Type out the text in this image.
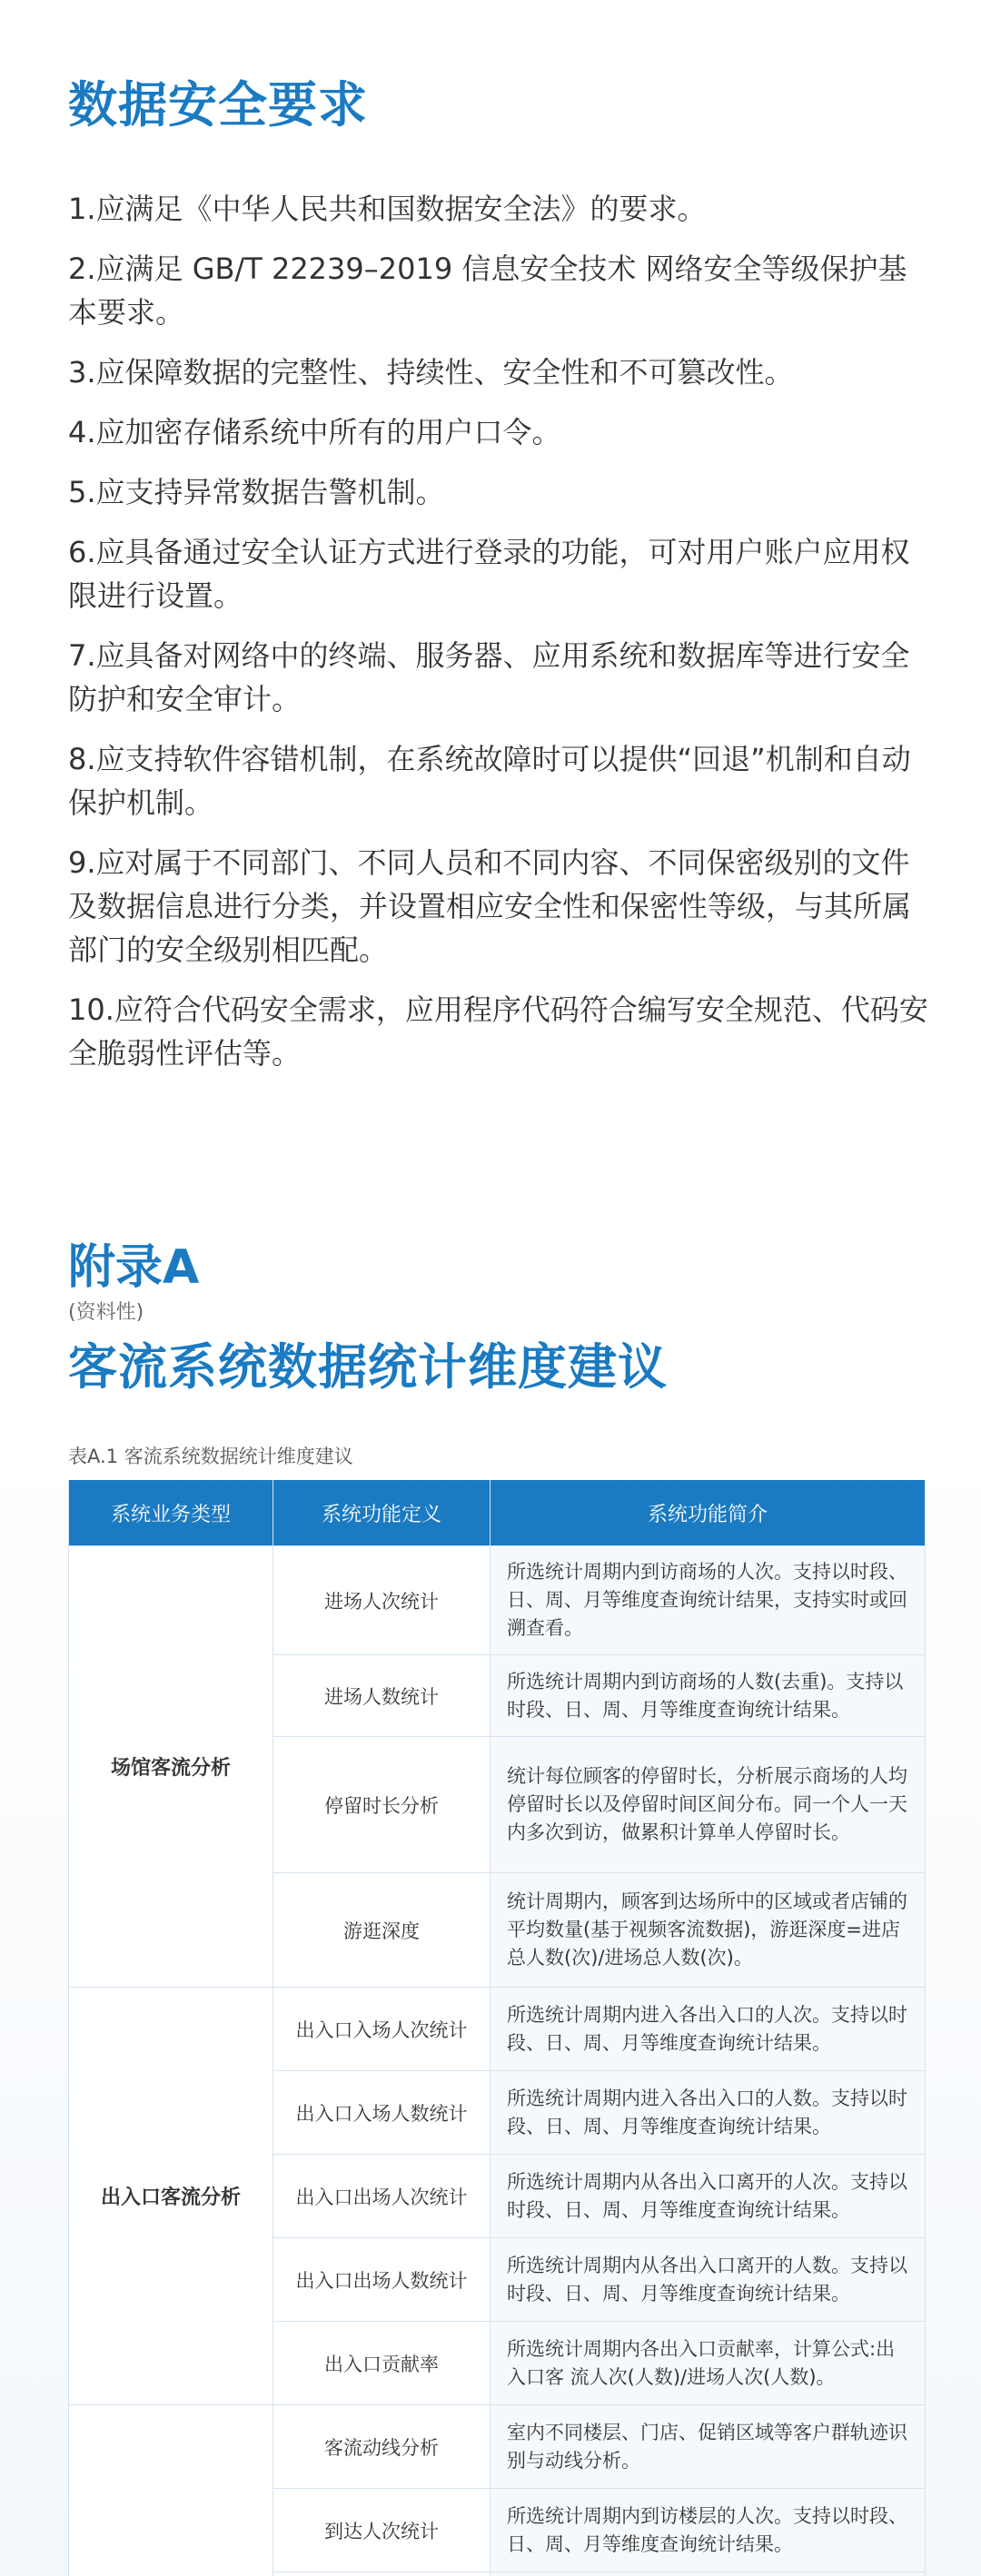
数据安全要求
1.应满足《中华人民共和国数据安全法》的要求。
2.应满足 GB/T 22239–2019 信息安全技术 网络安全等级保护基本要求。
3.应保障数据的完整性、持续性、安全性和不可篡改性。
4.应加密存储系统中所有的用户口令。
5.应支持异常数据告警机制。
6.应具备通过安全认证方式进行登录的功能，可对用户账户应用权限进行设置。
7.应具备对网络中的终端、服务器、应用系统和数据库等进行安全防护和安全审计。
8.应支持软件容错机制，在系统故障时可以提供“回退”机制和自动保护机制。
9.应对属于不同部门、不同人员和不同内容、不同保密级别的文件及数据信息进行分类，并设置相应安全性和保密性等级，与其所属部门的安全级别相匹配。
10.应符合代码安全需求，应用程序代码符合编写安全规范、代码安全脆弱性评估等。
附录A

(资料性)

客流系统数据统计维度建议

表A.1 客流系统数据统计维度建议

系统业务类型	系统功能定义	系统功能简介
场馆客流分析	进场人次统计	所选统计周期内到访商场的人次。支持以时段、日、周、月等维度查询统计结果，支持实时或回溯查看。
	进场人数统计	所选统计周期内到访商场的人数(去重)。支持以时段、日、周、月等维度查询统计结果。
	停留时长分析	统计每位顾客的停留时长，分析展示商场的人均停留时长以及停留时间区间分布。同一个人一天内多次到访，做累积计算单人停留时长。
	游逛深度	统计周期内，顾客到达场所中的区域或者店铺的平均数量(基于视频客流数据)，游逛深度=进店总人数(次)/进场总人数(次)。
出入口客流分析	出入口入场人次统计	所选统计周期内进入各出入口的人次。支持以时段、日、周、月等维度查询统计结果。
	出入口入场人数统计	所选统计周期内进入各出入口的人数。支持以时段、日、周、月等维度查询统计结果。
	出入口出场人次统计	所选统计周期内从各出入口离开的人次。支持以时段、日、周、月等维度查询统计结果。
	出入口出场人数统计	所选统计周期内从各出入口离开的人数。支持以时段、日、周、月等维度查询统计结果。
	出入口贡献率	所选统计周期内各出入口贡献率，计算公式:出入口客 流人次(人数)/进场人次(人数)。
	客流动线分析	室内不同楼层、门店、促销区域等客户群轨迹识别与动线分析。
	到达人次统计	所选统计周期内到访楼层的人次。支持以时段、日、周、月等维度查询统计结果。
